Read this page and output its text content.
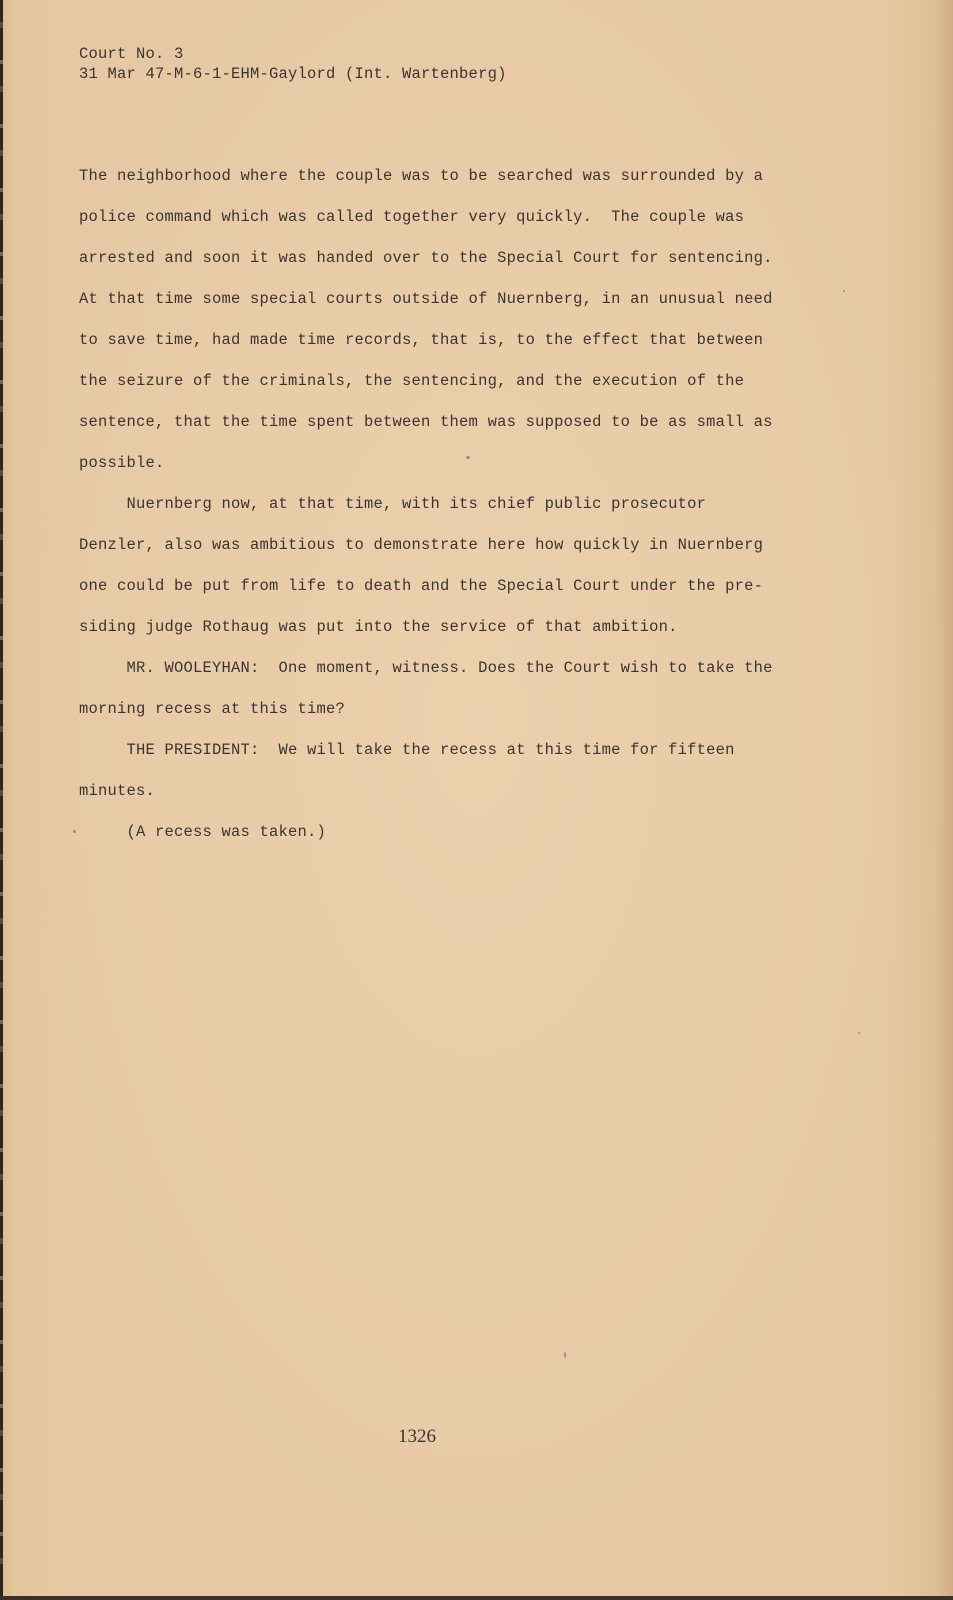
Court No. 3
31 Mar 47-M-6-1-EHM-Gaylord (Int. Wartenberg)
The neighborhood where the couple was to be searched was surrounded by a
police command which was called together very quickly.  The couple was
arrested and soon it was handed over to the Special Court for sentencing.
At that time some special courts outside of Nuernberg, in an unusual need
to save time, had made time records, that is, to the effect that between
the seizure of the criminals, the sentencing, and the execution of the
sentence, that the time spent between them was supposed to be as small as
possible.
Nuernberg now, at that time, with its chief public prosecutor
Denzler, also was ambitious to demonstrate here how quickly in Nuernberg
one could be put from life to death and the Special Court under the pre-
siding judge Rothaug was put into the service of that ambition.
MR. WOOLEYHAN:  One moment, witness. Does the Court wish to take the
morning recess at this time?
THE PRESIDENT:  We will take the recess at this time for fifteen
minutes.
(A recess was taken.)
1326
